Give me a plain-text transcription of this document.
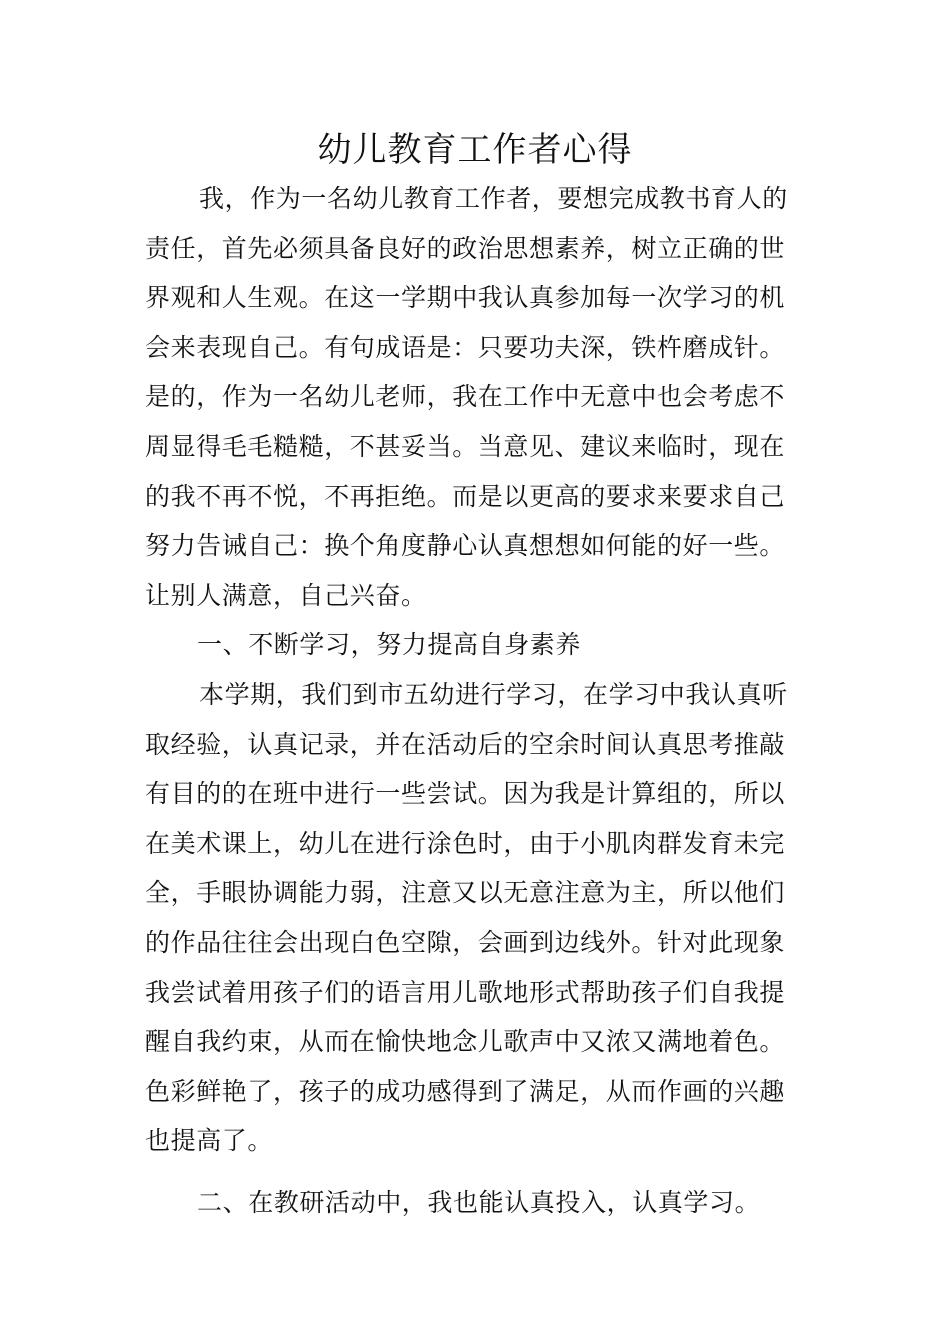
幼儿教育工作者心得
我，作为一名幼儿教育工作者，要想完成教书育人的
责任，首先必须具备良好的政治思想素养，树立正确的世
界观和人生观。在这一学期中我认真参加每一次学习的机
会来表现自己。有句成语是：只要功夫深，铁杵磨成针。
是的，作为一名幼儿老师，我在工作中无意中也会考虑不
周显得毛毛糙糙，不甚妥当。当意见、建议来临时，现在
的我不再不悦，不再拒绝。而是以更高的要求来要求自己
努力告诫自己：换个角度静心认真想想如何能的好一些。
让别人满意，自己兴奋。
一、不断学习，努力提高自身素养
本学期，我们到市五幼进行学习，在学习中我认真听
取经验，认真记录，并在活动后的空余时间认真思考推敲
有目的的在班中进行一些尝试。因为我是计算组的，所以
在美术课上，幼儿在进行涂色时，由于小肌肉群发育未完
全，手眼协调能力弱，注意又以无意注意为主，所以他们
的作品往往会出现白色空隙，会画到边线外。针对此现象
我尝试着用孩子们的语言用儿歌地形式帮助孩子们自我提
醒自我约束，从而在愉快地念儿歌声中又浓又满地着色。
色彩鲜艳了，孩子的成功感得到了满足，从而作画的兴趣
也提高了。
二、在教研活动中，我也能认真投入，认真学习。
